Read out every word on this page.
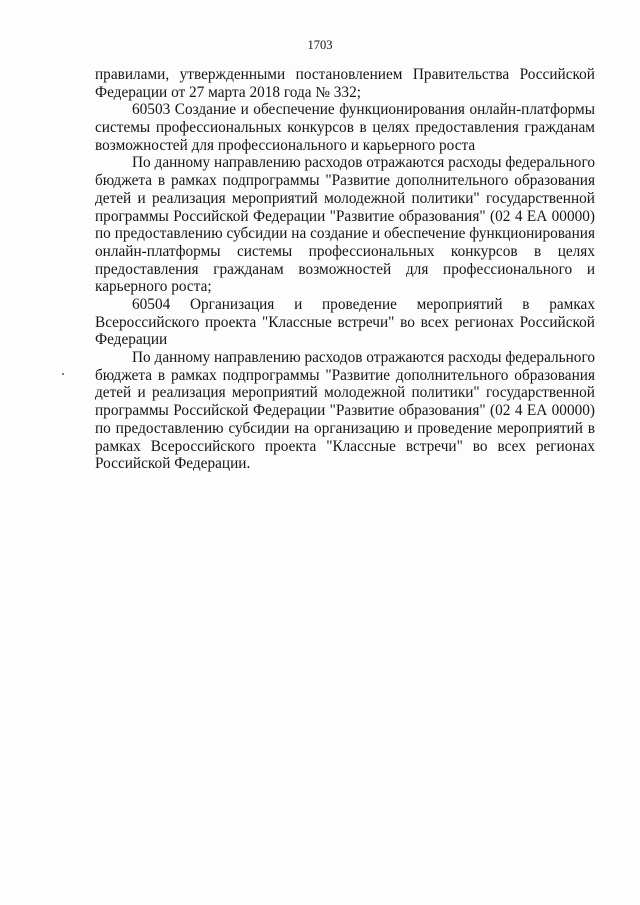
1703
правилами, утвержденными постановлением Правительства Российской
Федерации от 27 марта 2018 года № 332;
60503 Создание и обеспечение функционирования онлайн-платформы
системы профессиональных конкурсов в целях предоставления гражданам
возможностей для профессионального и карьерного роста
По данному направлению расходов отражаются расходы федерального
бюджета в рамках подпрограммы "Развитие дополнительного образования
детей и реализация мероприятий молодежной политики" государственной
программы Российской Федерации "Развитие образования" (02 4 ЕА 00000)
по предоставлению субсидии на создание и обеспечение функционирования
онлайн-платформы системы профессиональных конкурсов в целях
предоставления гражданам возможностей для профессионального и
карьерного роста;
60504 Организация и проведение мероприятий в рамках
Всероссийского проекта "Классные встречи" во всех регионах Российской
Федерации
По данному направлению расходов отражаются расходы федерального
бюджета в рамках подпрограммы "Развитие дополнительного образования
детей и реализация мероприятий молодежной политики" государственной
программы Российской Федерации "Развитие образования" (02 4 ЕА 00000)
по предоставлению субсидии на организацию и проведение мероприятий в
рамках Всероссийского проекта "Классные встречи" во всех регионах
Российской Федерации.
